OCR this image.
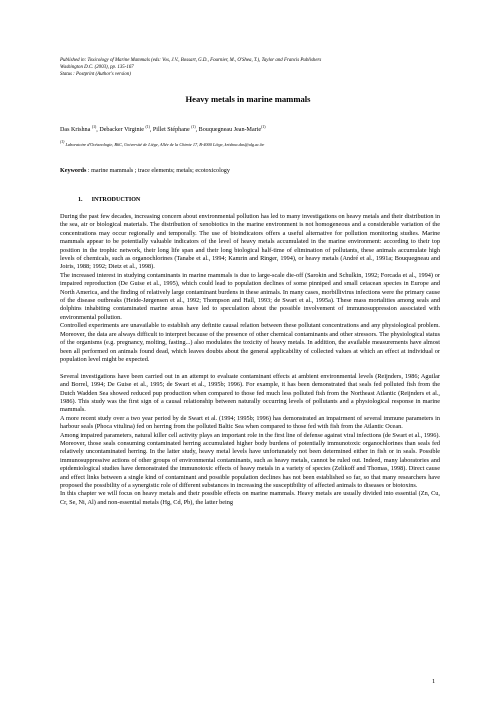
Published in: Toxicology of Marine Mammals (eds: Vos, J.V., Bossart, G.D., Fournier, M., O'Shea, T.), Taylor and Francis Publishers
Washington D.C. (2003), pp. 135-167
Status : Postprint (Author's version)
Heavy metals in marine mammals
Das Krishna $^{(1)}$, Debacker Virginie $^{(1)}$, Pillet Stéphane $^{(1)}$, Bouquegneau Jean-Marie$^{(1)}$
$^{(1)}$ Laboratoire d'Océanologie, B6C, Université de Liège, Allée de la Chimie 17, B-4000 Liège, krishna.das@ulg.ac.be
Keywords : marine mammals ; trace elements; metals; ecotoxicology
1. INTRODUCTION

During the past few decades, increasing concern about environmental pollution has led to many investigations on heavy metals and their distribution in the sea, air or biological materials. The distribution of xenobiotics in the marine environment is not homogeneous and a considerable variation of the concentrations may occur regionally and temporally. The use of bioindicators offers a useful alternative for pollution monitoring studies. Marine mammals appear to be potentially valuable indicators of the level of heavy metals accumulated in the marine environment: according to their top position in the trophic network, their long life span and their long biological half-time of elimination of pollutants, these animals accumulate high levels of chemicals, such as organochlorines (Tanabe et al., 1994; Kamrin and Ringer, 1994), or heavy metals (André et al., 1991a; Bouquegneau and Joiris, 1988; 1992; Dietz et al., 1998).

The increased interest in studying contaminants in marine mammals is due to large-scale die-off (Sarokin and Schulkin, 1992; Forcada et al., 1994) or impaired reproduction (De Guise et al., 1995), which could lead to population declines of some pinniped and small cetacean species in Europe and North America, and the finding of relatively large contaminant burdens in these animals. In many cases, morbillivirus infections were the primary cause of the disease outbreaks (Heide-Jørgensen et al., 1992; Thompson and Hall, 1993; de Swart et al., 1995a). These mass mortalities among seals and dolphins inhabiting contaminated marine areas have led to speculation about the possible involvement of immunosuppression associated with environmental pollution.

Controlled experiments are unavailable to establish any definite causal relation between these pollutant concentrations and any physiological problem. Moreover, the data are always difficult to interpret because of the presence of other chemical contaminants and other stressors. The physiological status of the organisms (e.g. pregnancy, molting, fasting...) also modulates the toxicity of heavy metals. In addition, the available measurements have almost been all performed on animals found dead, which leaves doubts about the general applicability of collected values at which an effect at individual or population level might be expected.

Several investigations have been carried out in an attempt to evaluate contaminant effects at ambient environmental levels (Reijnders, 1986; Aguilar and Borrel, 1994; De Guise et al., 1995; de Swart et al., 1995b; 1996). For example, it has been demonstrated that seals fed polluted fish from the Dutch Wadden Sea showed reduced pup production when compared to those fed much less polluted fish from the Northeast Atlantic (Reijnders et al., 1986). This study was the first sign of a causal relationship between naturally occurring levels of pollutants and a physiological response in marine mammals.

A more recent study over a two year period by de Swart et al. (1994; 1995b; 1996) has demonstrated an impairment of several immune parameters in harbour seals (Phoca vitulina) fed on herring from the polluted Baltic Sea when compared to those fed with fish from the Atlantic Ocean.

Among impaired parameters, natural killer cell activity plays an important role in the first line of defense against viral infections (de Swart et al., 1996). Moreover, those seals consuming contaminated herring accumulated higher body burdens of potentially immunotoxic organochlorines than seals fed relatively uncontaminated herring. In the latter study, heavy metal levels have unfortunately not been determined either in fish or in seals. Possible immunosuppressive actions of other groups of environmental contaminants, such as heavy metals, cannot be ruled out. Indeed, many laboratories and epidemiological studies have demonstrated the immunotoxic effects of heavy metals in a variety of species (Zelikoff and Thomas, 1998). Direct cause and effect links between a single kind of contaminant and possible population declines has not been established so far, so that many researchers have proposed the possibility of a synergistic role of different substances in increasing the susceptibility of affected animals to diseases or biotoxins.

In this chapter we will focus on heavy metals and their possible effects on marine mammals. Heavy metals are usually divided into essential (Zn, Cu, Cr, Se, Ni, Al) and non-essential metals (Hg, Cd, Pb), the latter being

1
